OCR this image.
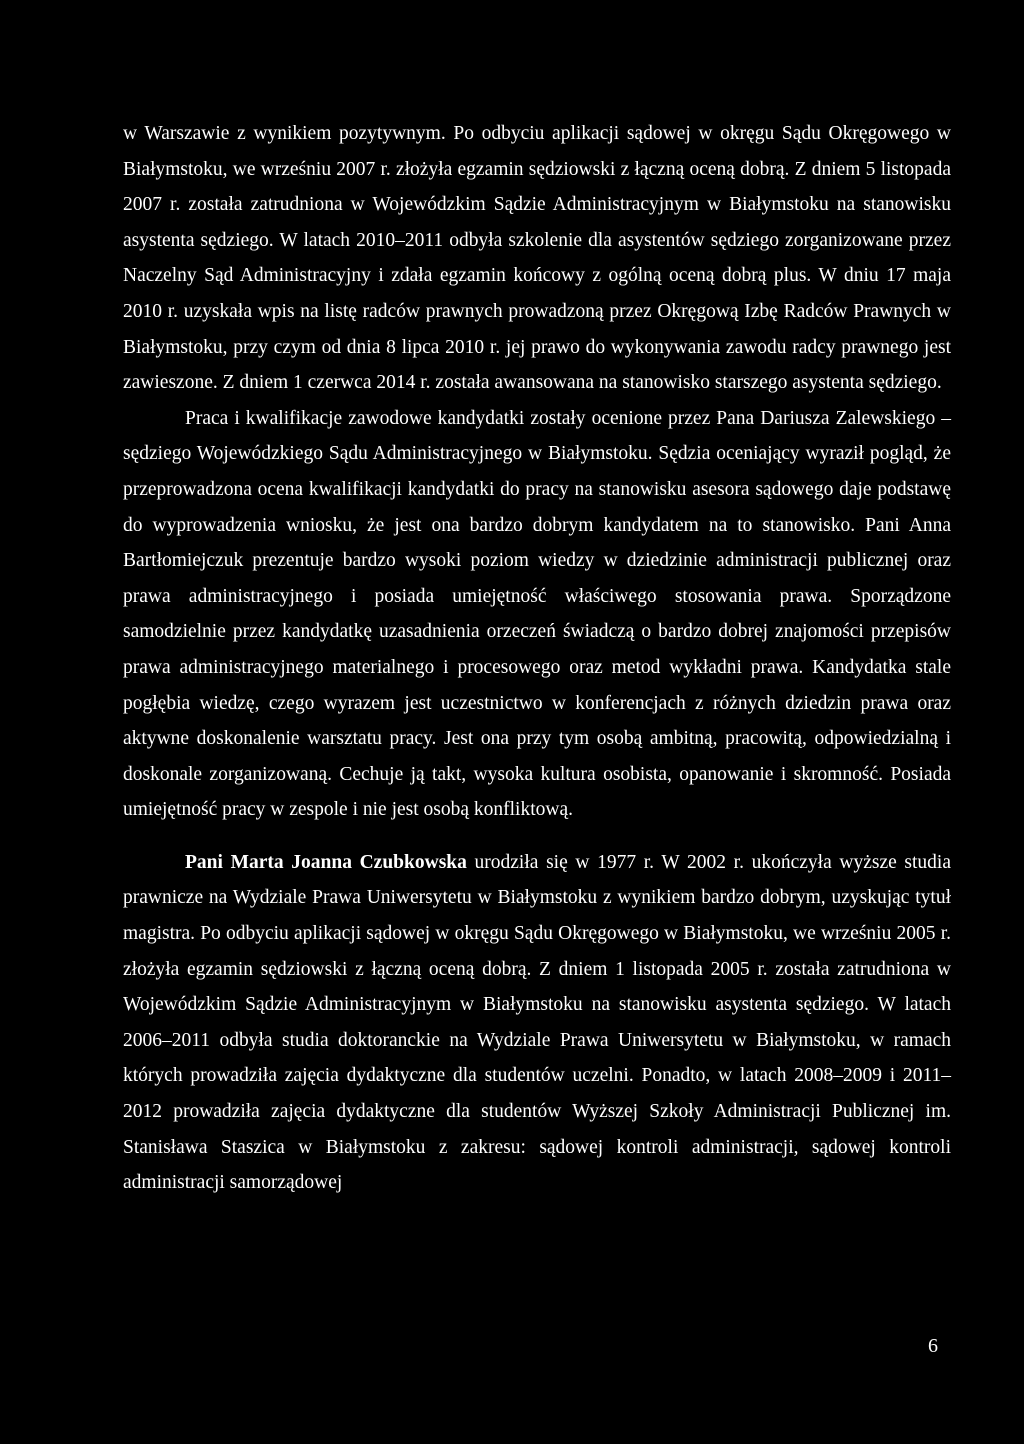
w Warszawie z wynikiem pozytywnym. Po odbyciu aplikacji sądowej w okręgu Sądu Okręgowego w Białymstoku, we wrześniu 2007 r. złożyła egzamin sędziowski z łączną oceną dobrą. Z dniem 5 listopada 2007 r. została zatrudniona w Wojewódzkim Sądzie Administracyjnym w Białymstoku na stanowisku asystenta sędziego. W latach 2010–2011 odbyła szkolenie dla asystentów sędziego zorganizowane przez Naczelny Sąd Administracyjny i zdała egzamin końcowy z ogólną oceną dobrą plus. W dniu 17 maja 2010 r. uzyskała wpis na listę radców prawnych prowadzoną przez Okręgową Izbę Radców Prawnych w Białymstoku, przy czym od dnia 8 lipca 2010 r. jej prawo do wykonywania zawodu radcy prawnego jest zawieszone. Z dniem 1 czerwca 2014 r. została awansowana na stanowisko starszego asystenta sędziego.

Praca i kwalifikacje zawodowe kandydatki zostały ocenione przez Pana Dariusza Zalewskiego – sędziego Wojewódzkiego Sądu Administracyjnego w Białymstoku. Sędzia oceniający wyraził pogląd, że przeprowadzona ocena kwalifikacji kandydatki do pracy na stanowisku asesora sądowego daje podstawę do wyprowadzenia wniosku, że jest ona bardzo dobrym kandydatem na to stanowisko. Pani Anna Bartłomiejczuk prezentuje bardzo wysoki poziom wiedzy w dziedzinie administracji publicznej oraz prawa administracyjnego i posiada umiejętność właściwego stosowania prawa. Sporządzone samodzielnie przez kandydatkę uzasadnienia orzeczeń świadczą o bardzo dobrej znajomości przepisów prawa administracyjnego materialnego i procesowego oraz metod wykładni prawa. Kandydatka stale pogłębia wiedzę, czego wyrazem jest uczestnictwo w konferencjach z różnych dziedzin prawa oraz aktywne doskonalenie warsztatu pracy. Jest ona przy tym osobą ambitną, pracowitą, odpowiedzialną i doskonale zorganizowaną. Cechuje ją takt, wysoka kultura osobista, opanowanie i skromność. Posiada umiejętność pracy w zespole i nie jest osobą konfliktową.

Pani Marta Joanna Czubkowska urodziła się w 1977 r. W 2002 r. ukończyła wyższe studia prawnicze na Wydziale Prawa Uniwersytetu w Białymstoku z wynikiem bardzo dobrym, uzyskując tytuł magistra. Po odbyciu aplikacji sądowej w okręgu Sądu Okręgowego w Białymstoku, we wrześniu 2005 r. złożyła egzamin sędziowski z łączną oceną dobrą. Z dniem 1 listopada 2005 r. została zatrudniona w Wojewódzkim Sądzie Administracyjnym w Białymstoku na stanowisku asystenta sędziego. W latach 2006–2011 odbyła studia doktoranckie na Wydziale Prawa Uniwersytetu w Białymstoku, w ramach których prowadziła zajęcia dydaktyczne dla studentów uczelni. Ponadto, w latach 2008–2009 i 2011–2012 prowadziła zajęcia dydaktyczne dla studentów Wyższej Szkoły Administracji Publicznej im. Stanisława Staszica w Białymstoku z zakresu: sądowej kontroli administracji, sądowej kontroli administracji samorządowej

6
